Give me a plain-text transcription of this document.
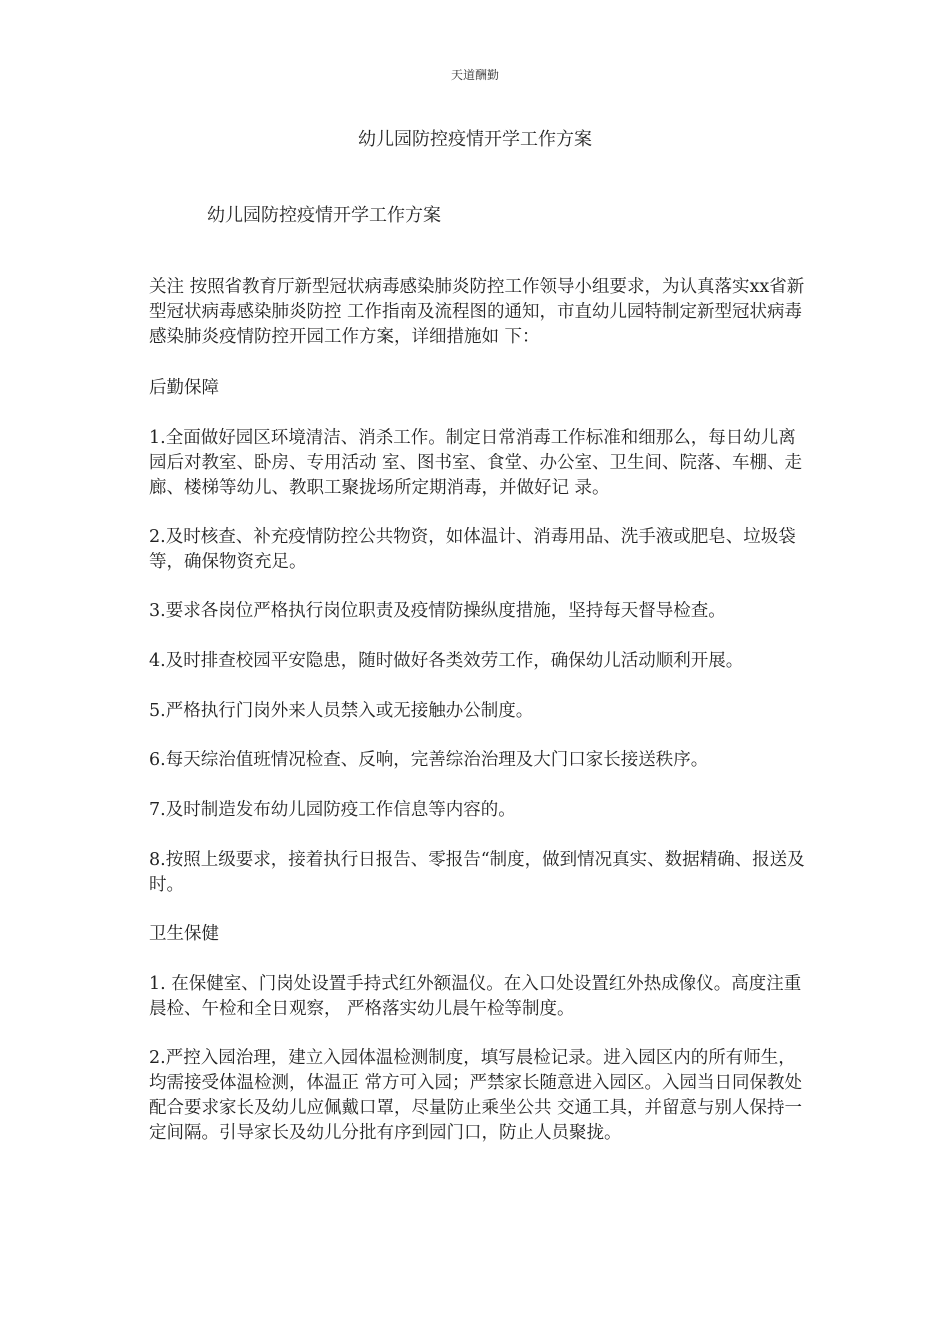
天道酬勤
幼儿园防控疫情开学工作方案
幼儿园防控疫情开学工作方案

关注 按照省教育厅新型冠状病毒感染肺炎防控工作领导小组要求，为认真落实xx省新型冠状病毒感染肺炎防控 工作指南及流程图的通知，市直幼儿园特制定新型冠状病毒感染肺炎疫情防控开园工作方案，详细措施如 下：

后勤保障

1.全面做好园区环境清洁、消杀工作。制定日常消毒工作标准和细那么，每日幼儿离园后对教室、卧房、专用活动 室、图书室、食堂、办公室、卫生间、院落、车棚、走廊、楼梯等幼儿、教职工聚拢场所定期消毒，并做好记 录。

2.及时核查、补充疫情防控公共物资，如体温计、消毒用品、洗手液或肥皂、垃圾袋等，确保物资充足。

3.要求各岗位严格执行岗位职责及疫情防操纵度措施，坚持每天督导检查。

4.及时排查校园平安隐患，随时做好各类效劳工作，确保幼儿活动顺利开展。

5.严格执行门岗外来人员禁入或无接触办公制度。

6.每天综治值班情况检查、反响，完善综治治理及大门口家长接送秩序。

7.及时制造发布幼儿园防疫工作信息等内容的。

8.按照上级要求，接着执行日报告、零报告“制度，做到情况真实、数据精确、报送及时。

卫生保健

1. 在保健室、门岗处设置手持式红外额温仪。在入口处设置红外热成像仪。高度注重晨检、午检和全日观察， 严格落实幼儿晨午检等制度。

2.严控入园治理，建立入园体温检测制度，填写晨检记录。进入园区内的所有师生，均需接受体温检测，体温正 常方可入园；严禁家长随意进入园区。入园当日同保教处配合要求家长及幼儿应佩戴口罩，尽量防止乘坐公共 交通工具，并留意与别人保持一定间隔。引导家长及幼儿分批有序到园门口，防止人员聚拢。
